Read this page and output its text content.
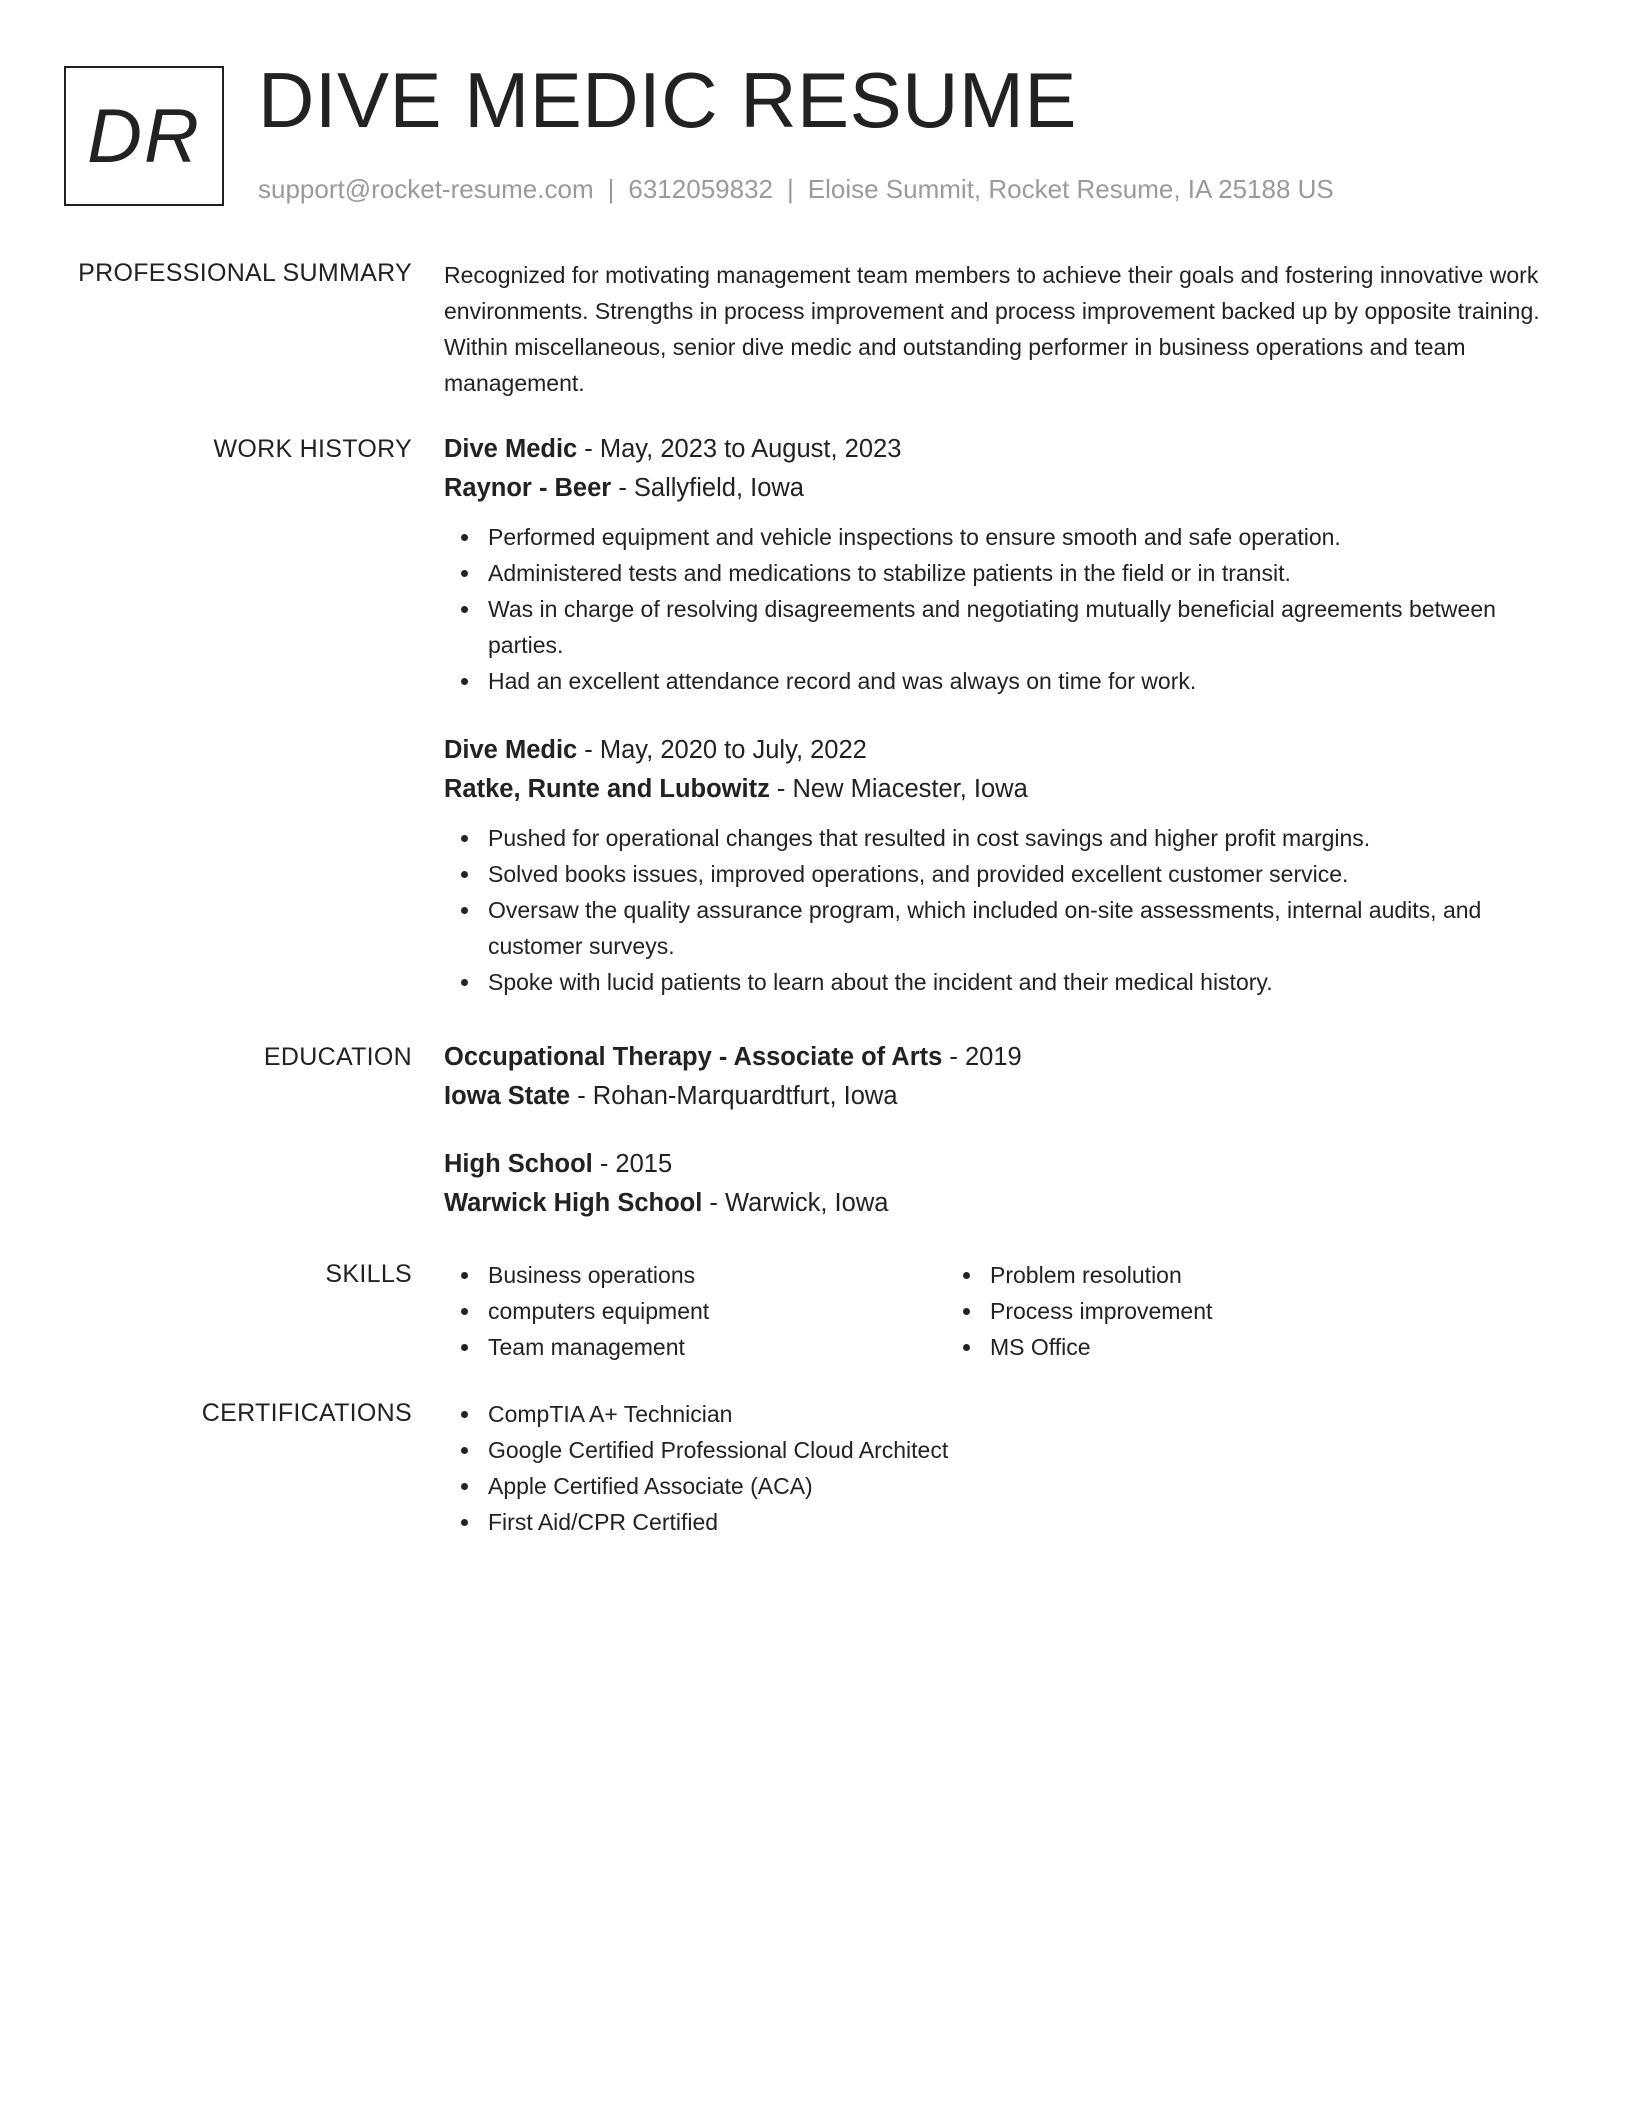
DR DIVE MEDIC RESUME
support@rocket-resume.com | 6312059832 | Eloise Summit, Rocket Resume, IA 25188 US
PROFESSIONAL SUMMARY Recognized for motivating management team members to achieve their goals and fostering innovative work environments. Strengths in process improvement and process improvement backed up by opposite training. Within miscellaneous, senior dive medic and outstanding performer in business operations and team management.

WORK HISTORY Dive Medic - May, 2023 to August, 2023
Raynor - Beer - Sallyfield, Iowa
Performed equipment and vehicle inspections to ensure smooth and safe operation.
Administered tests and medications to stabilize patients in the field or in transit.
Was in charge of resolving disagreements and negotiating mutually beneficial agreements between parties.
Had an excellent attendance record and was always on time for work.
Dive Medic - May, 2020 to July, 2022
Ratke, Runte and Lubowitz - New Miacester, Iowa
Pushed for operational changes that resulted in cost savings and higher profit margins.
Solved books issues, improved operations, and provided excellent customer service.
Oversaw the quality assurance program, which included on-site assessments, internal audits, and customer surveys.
Spoke with lucid patients to learn about the incident and their medical history.
EDUCATION Occupational Therapy - Associate of Arts - 2019
Iowa State - Rohan-Marquardtfurt, Iowa
High School - 2015
Warwick High School - Warwick, Iowa
SKILLS	Business operations
computers equipment
Team management
Problem resolution
Process improvement
MS Office
CERTIFICATIONS	CompTIA A+ Technician
Google Certified Professional Cloud Architect
Apple Certified Associate (ACA)
First Aid/CPR Certified
